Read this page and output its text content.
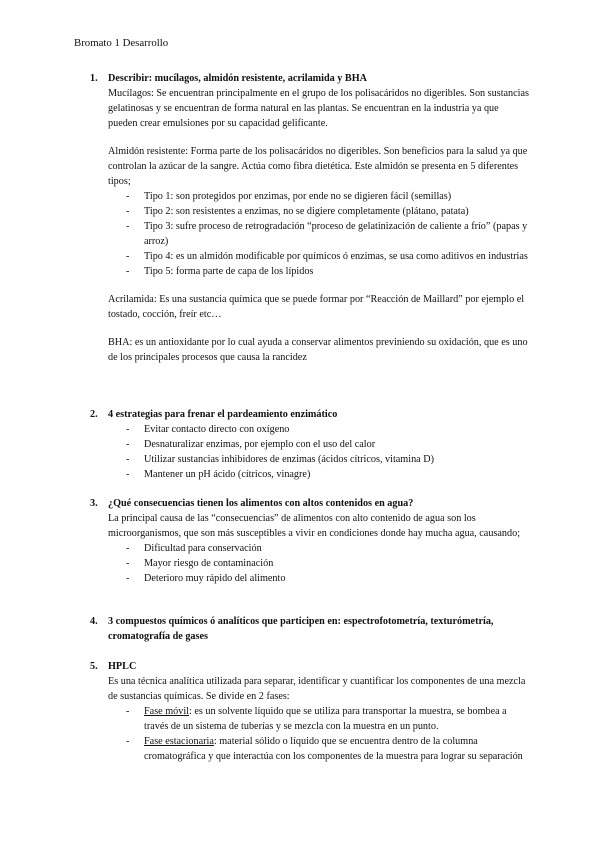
Bromato 1 Desarrollo
1.	Describir: mucílagos, almidón resistente, acrilamida y BHA

Mucílagos: Se encuentran principalmente en el grupo de los polisacáridos no digeribles. Son sustancias gelatinosas y se encuentran de forma natural en las plantas. Se encuentran en la industria ya que pueden crear emulsiones por su capacidad gelificante.

Almidón resistente: Forma parte de los polisacáridos no digeribles. Son beneficios para la salud ya que controlan la azúcar de la sangre. Actúa como fibra dietética. Este almidón se presenta en 5 diferentes tipos;

- Tipo 1: son protegidos por enzimas, por ende no se digieren fácil (semillas)
- Tipo 2: son resistentes a enzimas, no se digiere completamente (plátano, patata)
- Tipo 3: sufre proceso de retrogradación “proceso de gelatinización de caliente a frío” (papas y arroz)
- Tipo 4: es un almidón modificable por químicos ó enzimas, se usa como aditivos en industrias
- Tipo 5: forma parte de capa de los lípidos

Acrilamida: Es una sustancia química que se puede formar por “Reacción de Maillard” por ejemplo el tostado, cocción, freír etc…

BHA: es un antioxidante por lo cual ayuda a conservar alimentos previniendo su oxidación, que es uno de los principales procesos que causa la rancidez

2.	4 estrategias para frenar el pardeamiento enzimático
- Evitar contacto directo con oxígeno
- Desnaturalizar enzimas, por ejemplo con el uso del calor
- Utilizar sustancias inhibidores de enzimas (ácidos cítricos, vitamina D)
- Mantener un pH ácido (cítricos, vinagre)
3.	¿Qué consecuencias tienen los alimentos con altos contenidos en agua?

La principal causa de las “consecuencias” de alimentos con alto contenido de agua son los microorganismos, que son más susceptibles a vivir en condiciones donde hay mucha agua, causando;

- Dificultad para conservación
- Mayor riesgo de contaminación
- Deterioro muy rápido del alimento
4.	3 compuestos químicos ó analíticos que participen en: espectrofotometría, texturómetría, cromatografía de gases
5.	HPLC

Es una técnica analítica utilizada para separar, identificar y cuantificar los componentes de una mezcla de sustancias químicas. Se divide en 2 fases:

- Fase móvil: es un solvente líquido que se utiliza para transportar la muestra, se bombea a través de un sistema de tuberías y se mezcla con la muestra en un punto.
- Fase estacionaria: material sólido o líquido que se encuentra dentro de la columna cromatográfica y que interactúa con los componentes de la muestra para lograr su separación
